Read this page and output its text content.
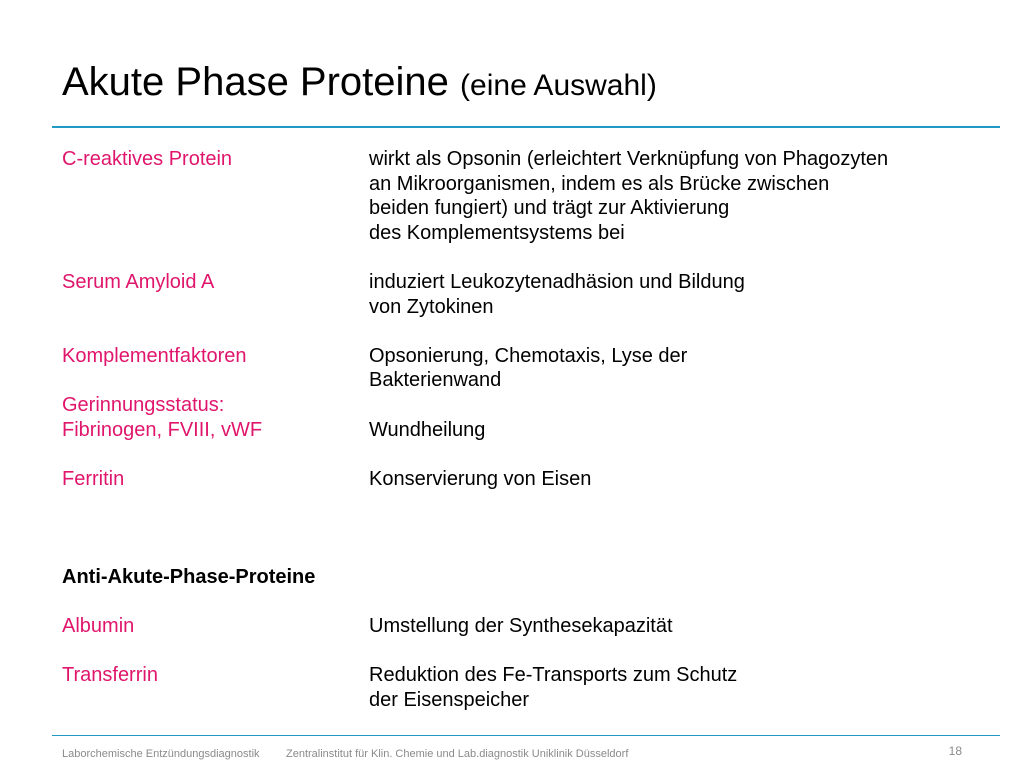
Akute Phase Proteine (eine Auswahl)
C-reaktives Protein	wirkt als Opsonin (erleichtert Verknüpfung von Phagozyten
an Mikroorganismen, indem es als Brücke zwischen
beiden fungiert) und trägt zur Aktivierung
des Komplementsystems bei
Serum Amyloid A	induziert Leukozytenadhäsion und Bildung
von Zytokinen
Komplementfaktoren	Opsonierung, Chemotaxis, Lyse der
Bakterienwand
Gerinnungsstatus:
Fibrinogen, FVIII, vWF
	Wundheilung
Ferritin	Konservierung von Eisen
Anti-Akute-Phase-Proteine
Albumin	Umstellung der Synthesekapazität
Transferrin	Reduktion des Fe-Transports zum Schutz
der Eisenspeicher
Laborchemische Entzündungsdiagnostik Zentralinstitut für Klin. Chemie und Lab.diagnostik Uniklinik Düsseldorf	18
